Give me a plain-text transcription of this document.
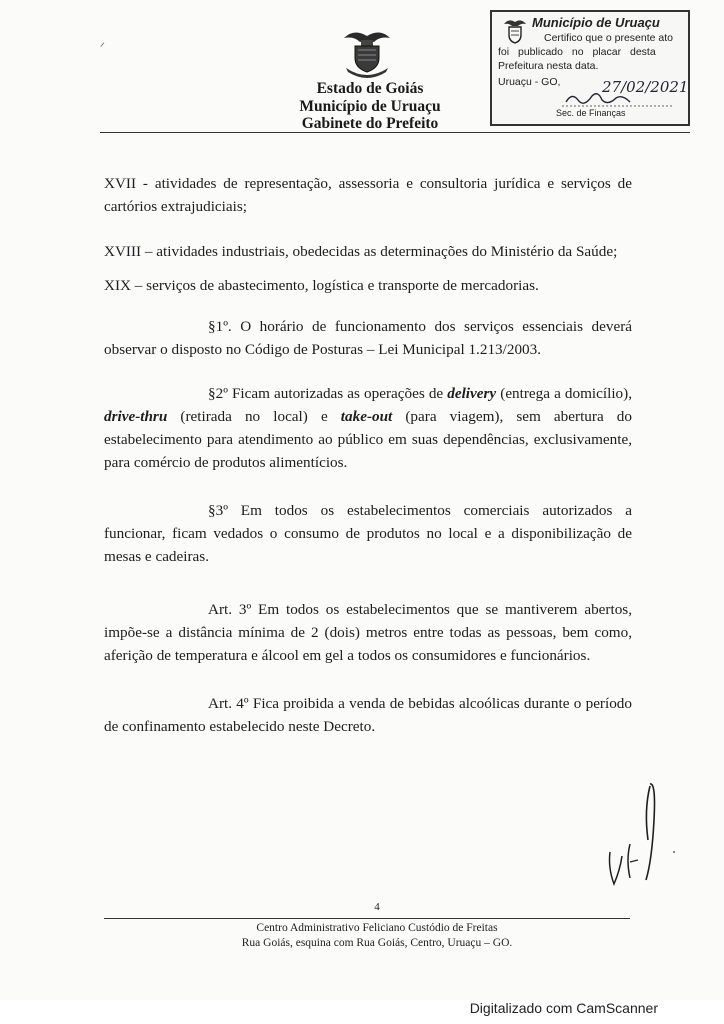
ᐟ
Estado de Goiás
Município de Uruaçu
Gabinete do Prefeito
Município de Uruaçu
Certifico que o presente ato
foi publicado no placar desta
Prefeitura nesta data.
Uruaçu - GO,	27/02/2021
Sec. de Finanças

XVII - atividades de representação, assessoria e consultoria jurídica e serviços de cartórios extrajudiciais;

XVIII – atividades industriais, obedecidas as determinações do Ministério da Saúde;

XIX – serviços de abastecimento, logística e transporte de mercadorias.

§1º. O horário de funcionamento dos serviços essenciais deverá observar o disposto no Código de Posturas – Lei Municipal 1.213/2003.

§2º Ficam autorizadas as operações de delivery (entrega a domicílio), drive-thru (retirada no local) e take-out (para viagem), sem abertura do estabelecimento para atendimento ao público em suas dependências, exclusivamente, para comércio de produtos alimentícios.

§3º Em todos os estabelecimentos comerciais autorizados a funcionar, ficam vedados o consumo de produtos no local e a disponibilização de mesas e cadeiras.

Art. 3º Em todos os estabelecimentos que se mantiverem abertos, impõe-se a distância mínima de 2 (dois) metros entre todas as pessoas, bem como, aferição de temperatura e álcool em gel a todos os consumidores e funcionários.

Art. 4º Fica proibida a venda de bebidas alcoólicas durante o período de confinamento estabelecido neste Decreto.

4
Centro Administrativo Feliciano Custódio de Freitas
Rua Goiás, esquina com Rua Goiás, Centro, Uruaçu – GO.
Digitalizado com CamScanner
